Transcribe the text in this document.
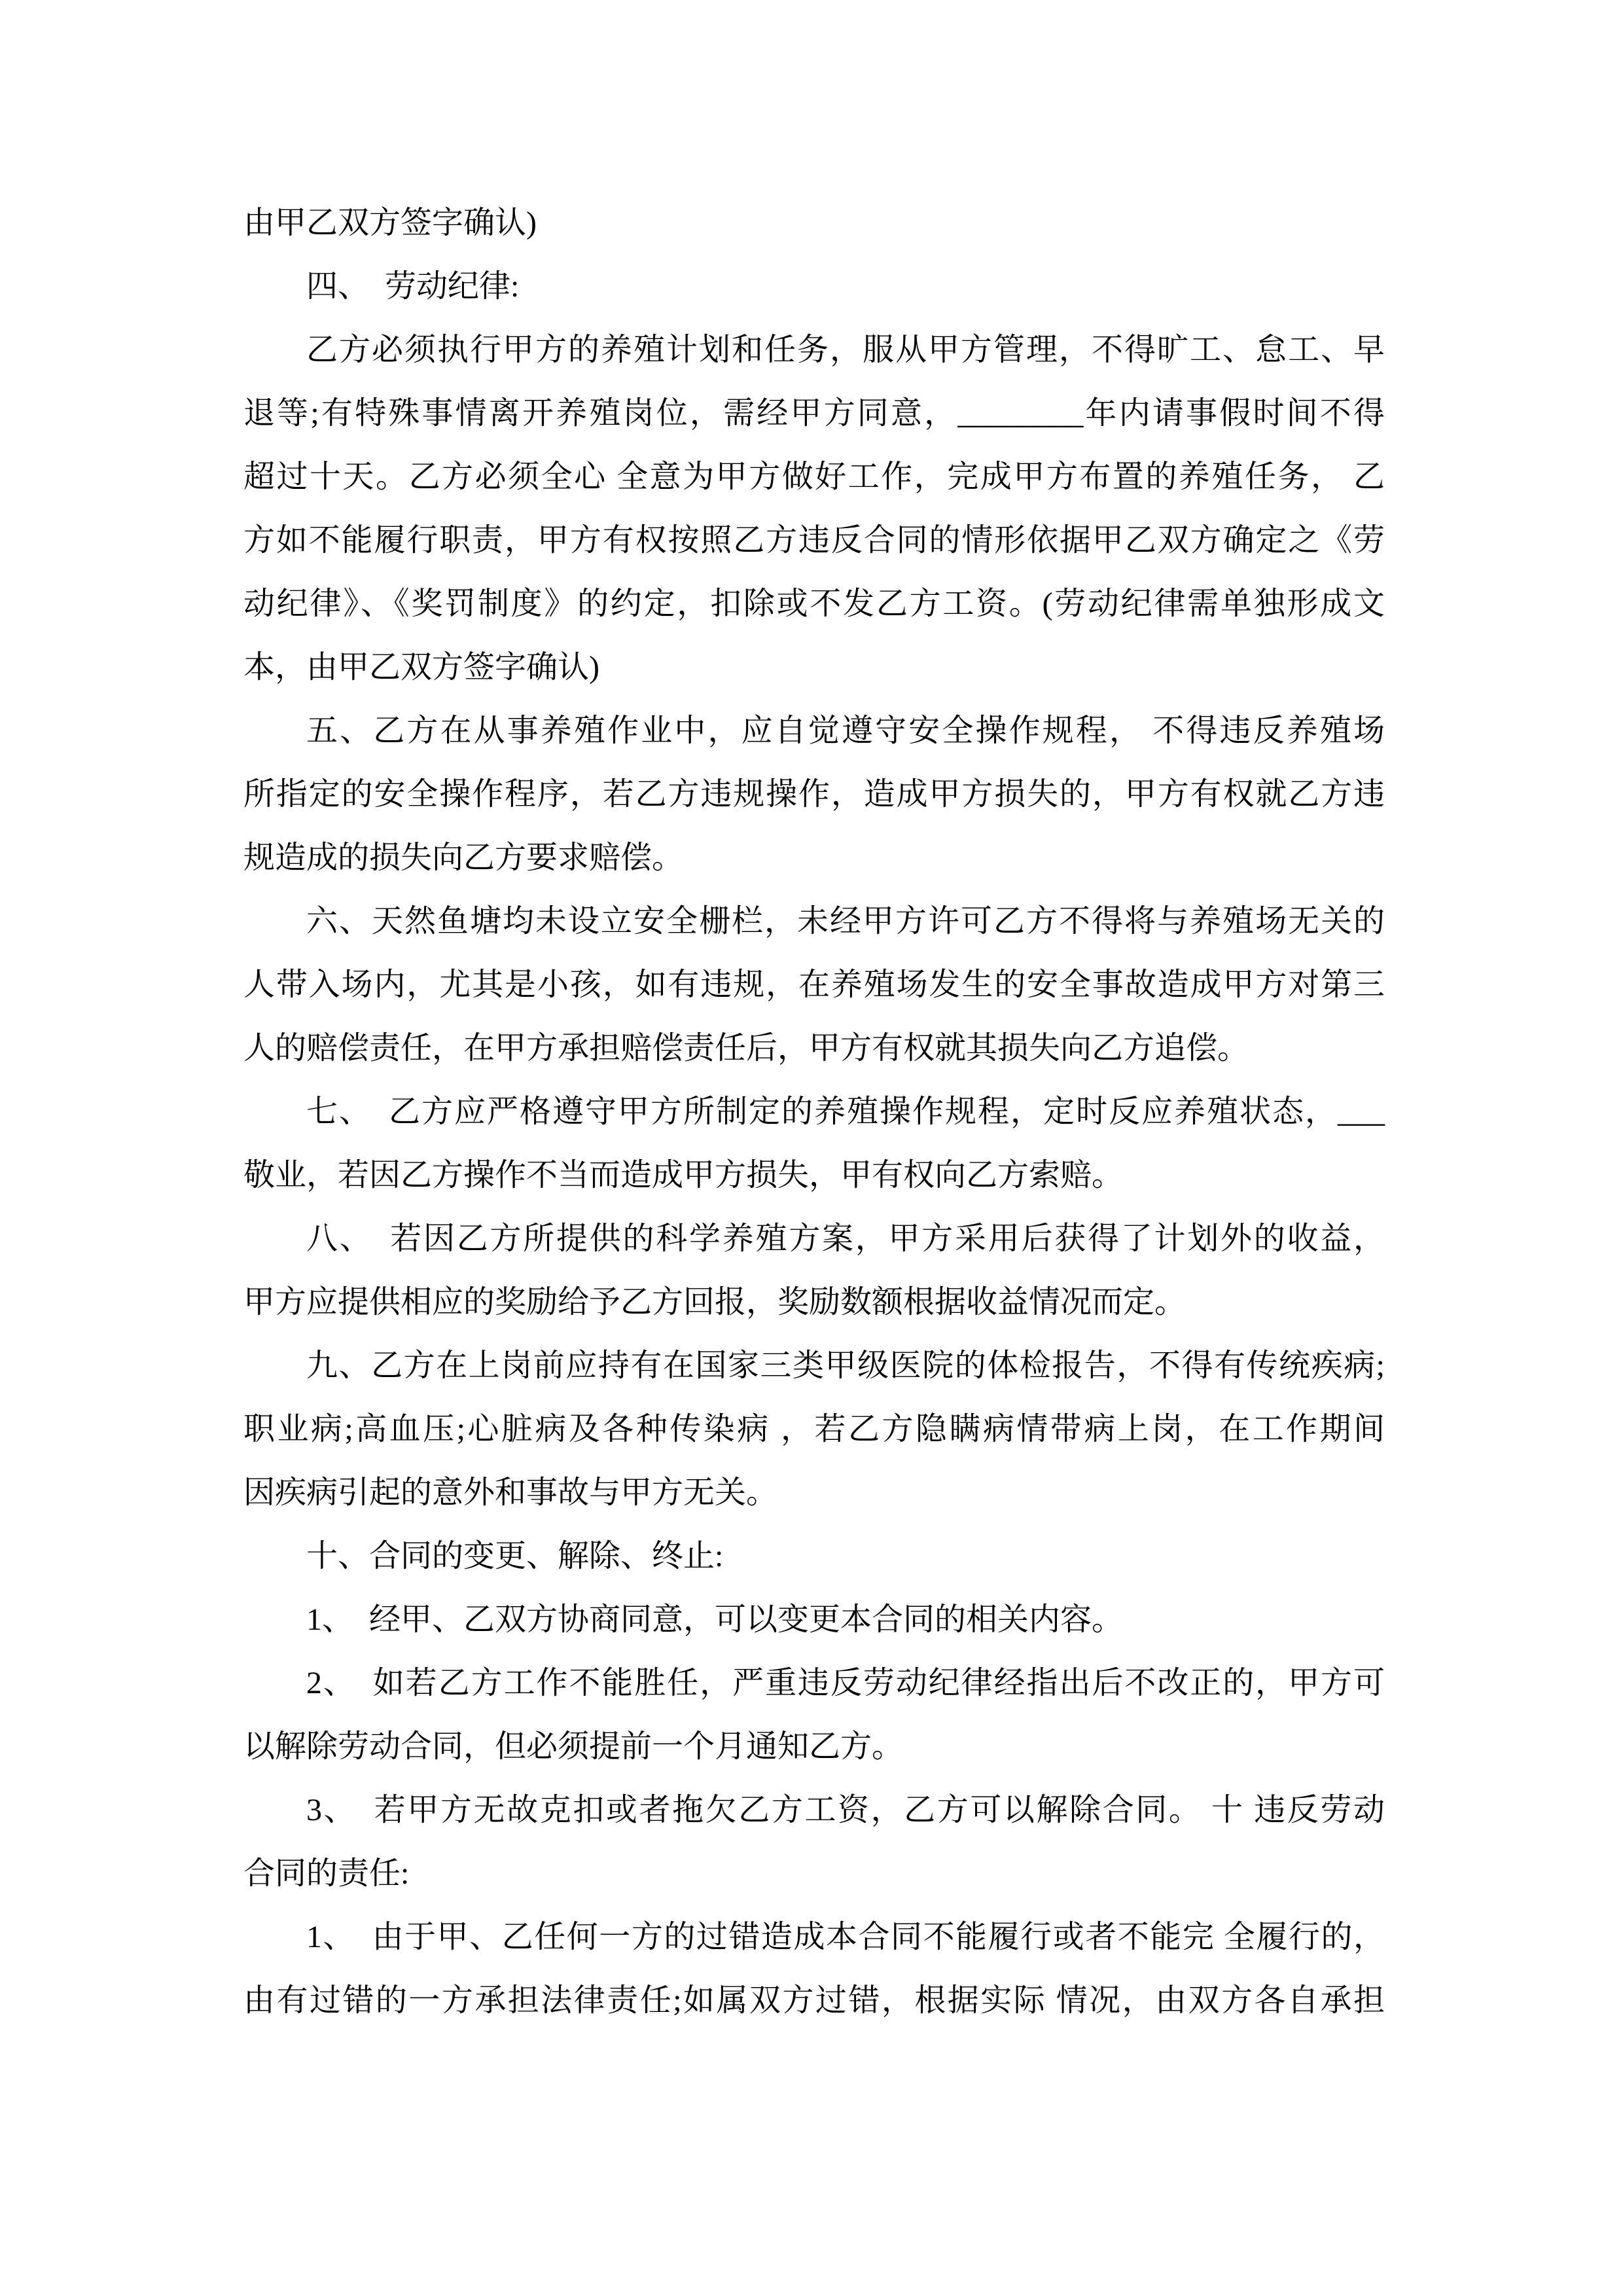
由甲乙双方签字确认)
四、　劳动纪律:
乙方必须执行甲方的养殖计划和任务，服从甲方管理，不得旷工、怠工、早
退等;有特殊事情离开养殖岗位，需经甲方同意，________年内请事假时间不得
超过十天。乙方必须全心 全意为甲方做好工作，完成甲方布置的养殖任务， 乙
方如不能履行职责，甲方有权按照乙方违反合同的情形依据甲乙双方确定之《劳
动纪律》、《奖罚制度》的约定，扣除或不发乙方工资。(劳动纪律需单独形成文
本，由甲乙双方签字确认)
五、乙方在从事养殖作业中，应自觉遵守安全操作规程， 不得违反养殖场
所指定的安全操作程序，若乙方违规操作，造成甲方损失的，甲方有权就乙方违
规造成的损失向乙方要求赔偿。
六、天然鱼塘均未设立安全栅栏，未经甲方许可乙方不得将与养殖场无关的
人带入场内，尤其是小孩，如有违规，在养殖场发生的安全事故造成甲方对第三
人的赔偿责任，在甲方承担赔偿责任后，甲方有权就其损失向乙方追偿。
七、　乙方应严格遵守甲方所制定的养殖操作规程，定时反应养殖状态，___
敬业，若因乙方操作不当而造成甲方损失，甲有权向乙方索赔。
八、　若因乙方所提供的科学养殖方案，甲方采用后获得了计划外的收益，
甲方应提供相应的奖励给予乙方回报，奖励数额根据收益情况而定。
九、乙方在上岗前应持有在国家三类甲级医院的体检报告，不得有传统疾病;
职业病;高血压;心脏病及各种传染病 ，若乙方隐瞒病情带病上岗，在工作期间
因疾病引起的意外和事故与甲方无关。
十、合同的变更、解除、终止:
1、　经甲、乙双方协商同意，可以变更本合同的相关内容。
2、　如若乙方工作不能胜任，严重违反劳动纪律经指出后不改正的，甲方可
以解除劳动合同，但必须提前一个月通知乙方。
3、　若甲方无故克扣或者拖欠乙方工资，乙方可以解除合同。 十 违反劳动
合同的责任:
1、　由于甲、乙任何一方的过错造成本合同不能履行或者不能完 全履行的，
由有过错的一方承担法律责任;如属双方过错，根据实际 情况，由双方各自承担
